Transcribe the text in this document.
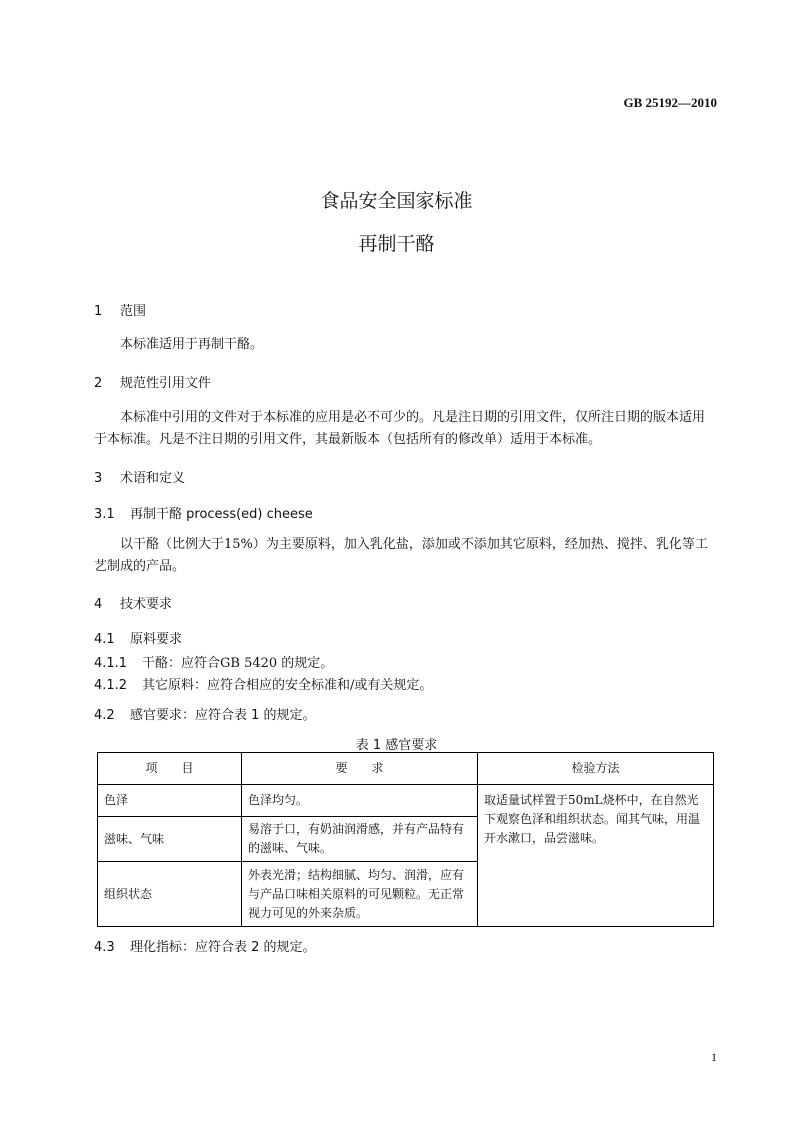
GB 25192—2010
食品安全国家标准
再制干酪
1 范围
本标准适用于再制干酪。
2 规范性引用文件
本标准中引用的文件对于本标准的应用是必不可少的。凡是注日期的引用文件，仅所注日期的版本适用于本标准。凡是不注日期的引用文件，其最新版本（包括所有的修改单）适用于本标准。
3 术语和定义
3.1 再制干酪 process(ed) cheese
以干酪（比例大于15%）为主要原料，加入乳化盐，添加或不添加其它原料，经加热、搅拌、乳化等工艺制成的产品。
4 技术要求
4.1 原料要求
4.1.1 干酪：应符合GB 5420 的规定。
4.1.2 其它原料：应符合相应的安全标准和/或有关规定。
4.2 感官要求：应符合表 1 的规定。
表 1 感官要求
项　　目	要　　求	检验方法
色泽	色泽均匀。	取适量试样置于50mL烧杯中，在自然光下观察色泽和组织状态。闻其气味，用温开水漱口，品尝滋味。
滋味、气味	易溶于口，有奶油润滑感，并有产品特有的滋味、气味。	
组织状态	外表光滑；结构细腻、均匀、润滑，应有与产品口味相关原料的可见颗粒。无正常视力可见的外来杂质。	
4.3 理化指标：应符合表 2 的规定。
1
